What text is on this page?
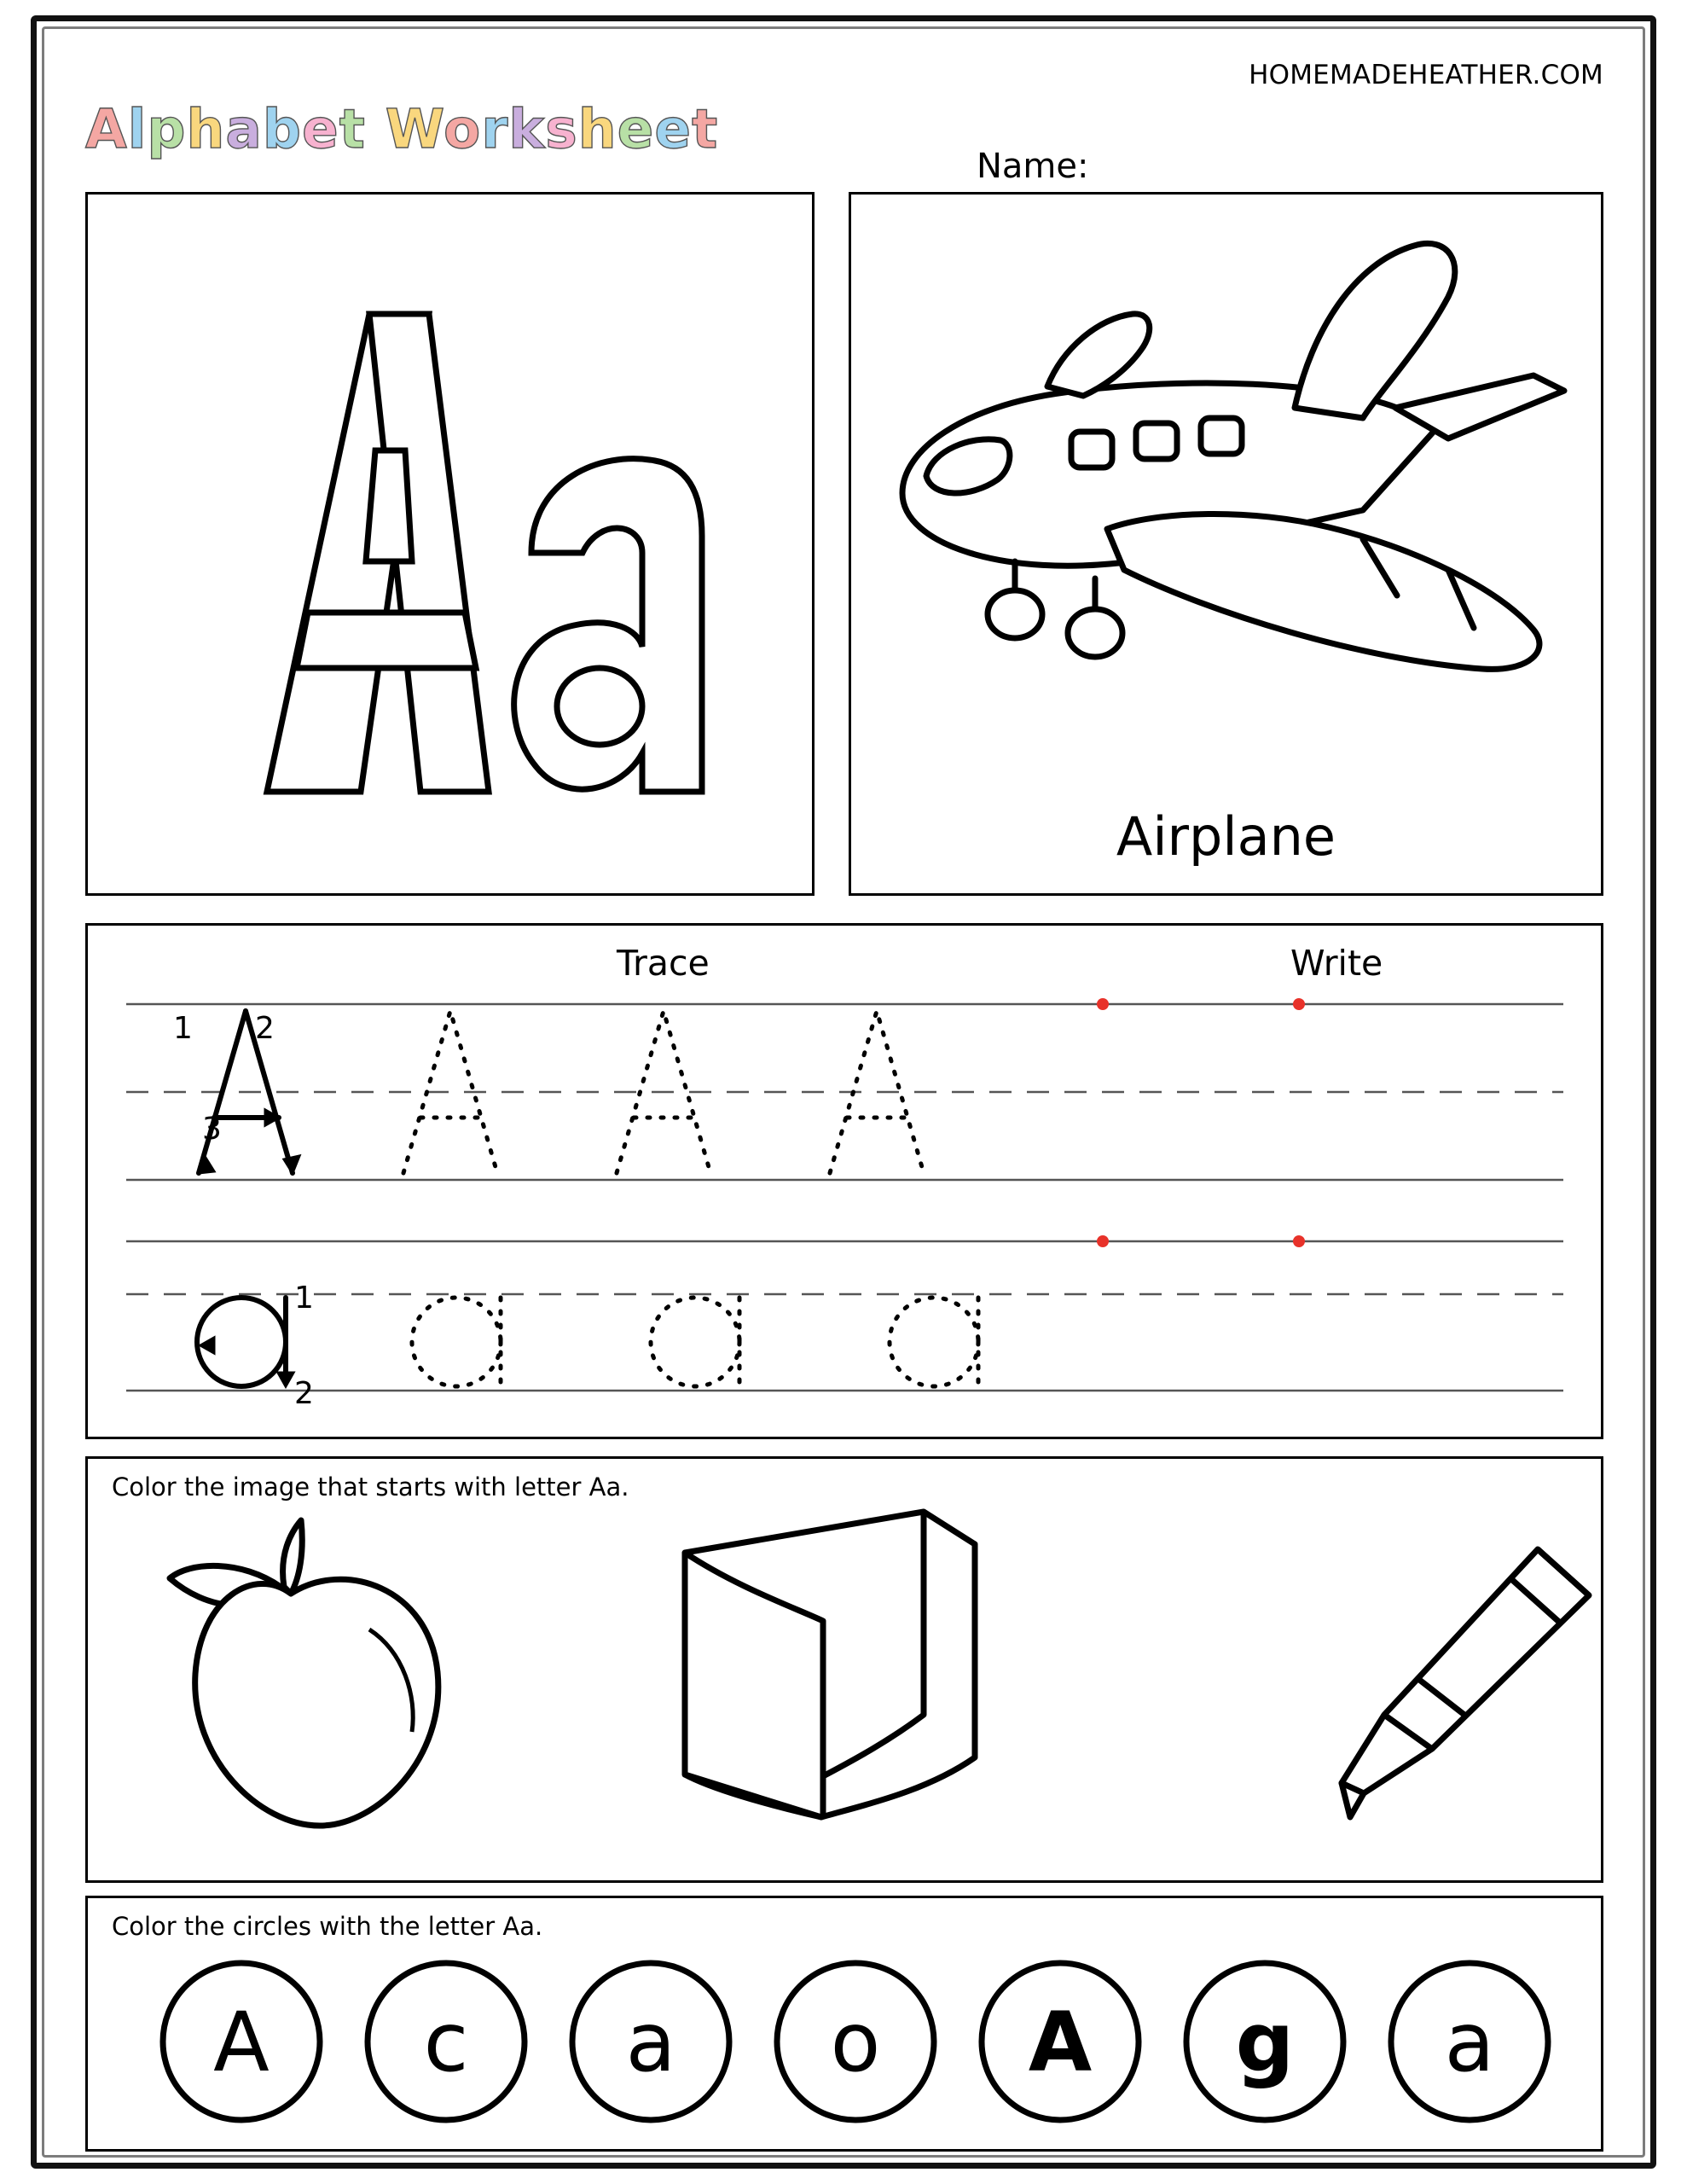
HOMEMADEHEATHER.COM
Alphabet Worksheet
Name:
Airplane
Trace	Write
1 2
3
1
2
Color the image that starts with letter Aa.
Color the circles with the letter Aa.
A c a o A g a
